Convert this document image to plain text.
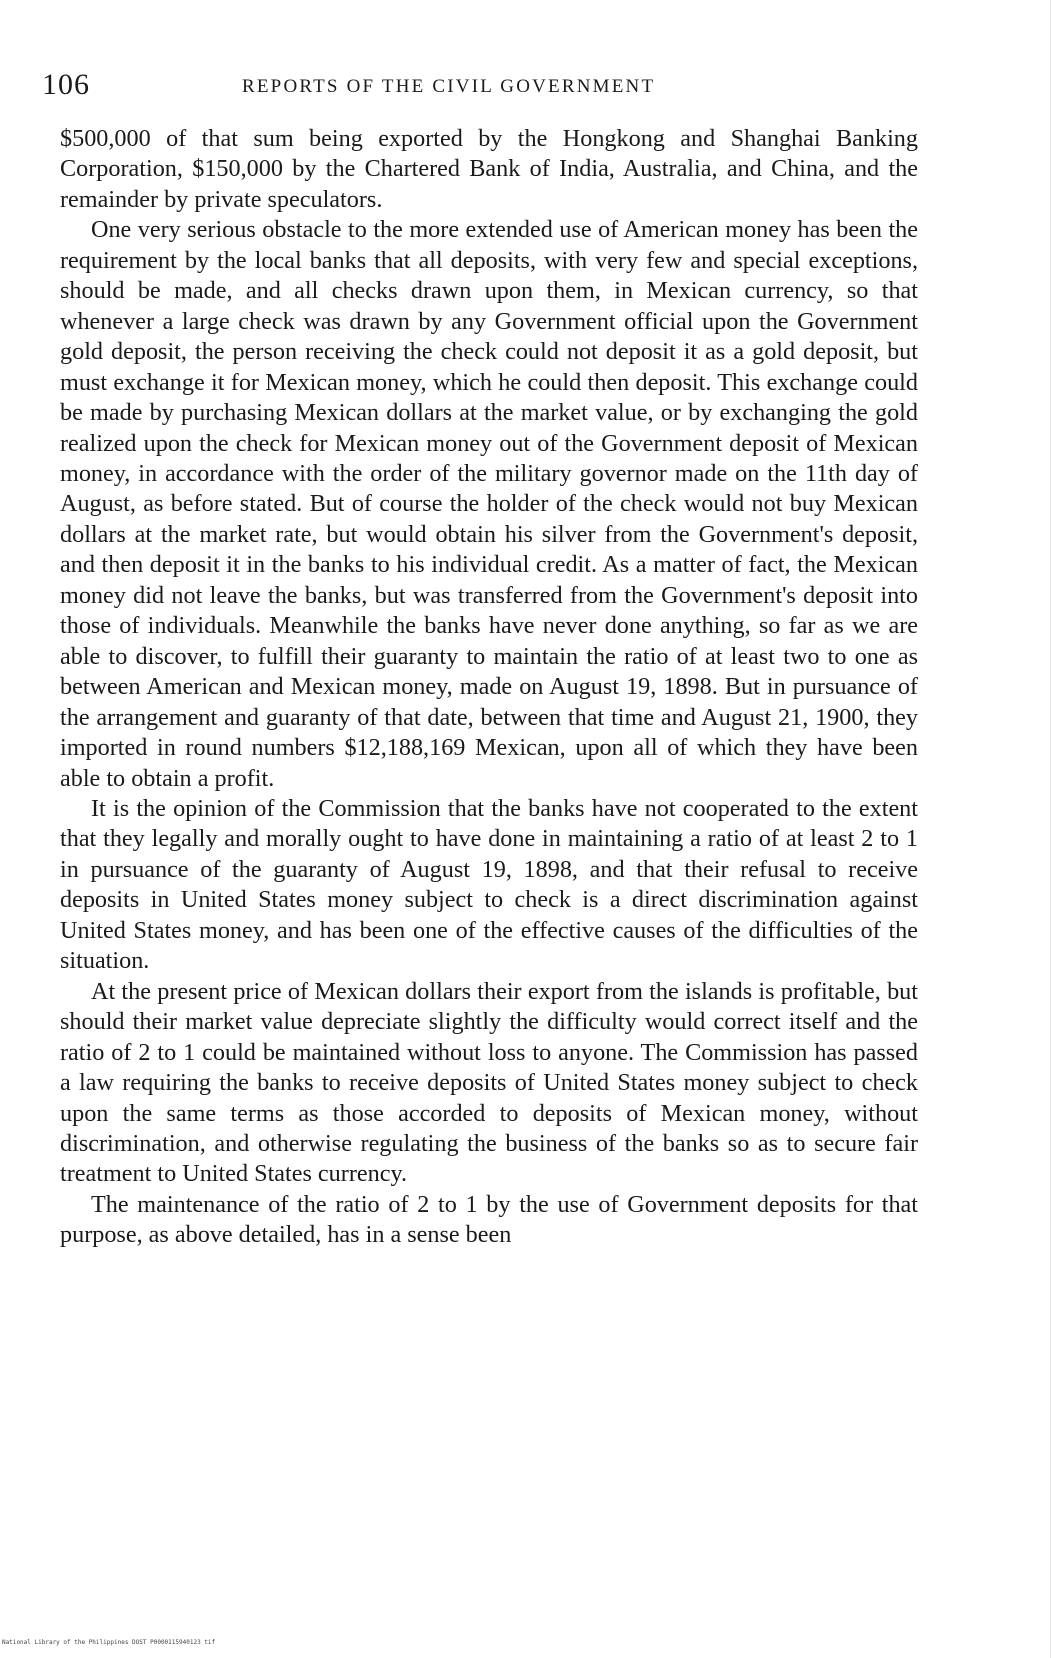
106	REPORTS OF THE CIVIL GOVERNMENT

$500,000 of that sum being exported by the Hongkong and Shanghai Banking Corporation, $150,000 by the Chartered Bank of India, Australia, and China, and the remainder by private speculators.

One very serious obstacle to the more extended use of American money has been the requirement by the local banks that all deposits, with very few and special exceptions, should be made, and all checks drawn upon them, in Mexican currency, so that whenever a large check was drawn by any Government official upon the Government gold deposit, the person receiving the check could not deposit it as a gold deposit, but must exchange it for Mexican money, which he could then deposit. This exchange could be made by purchasing Mexican dollars at the market value, or by exchanging the gold realized upon the check for Mexican money out of the Government deposit of Mexican money, in accordance with the order of the military governor made on the 11th day of August, as before stated. But of course the holder of the check would not buy Mexican dollars at the market rate, but would obtain his silver from the Government's deposit, and then deposit it in the banks to his individual credit. As a matter of fact, the Mexican money did not leave the banks, but was transferred from the Government's deposit into those of individuals. Meanwhile the banks have never done anything, so far as we are able to discover, to fulfill their guaranty to maintain the ratio of at least two to one as between American and Mexican money, made on August 19, 1898. But in pursuance of the arrangement and guaranty of that date, between that time and August 21, 1900, they imported in round numbers $12,188,169 Mexican, upon all of which they have been able to obtain a profit.

It is the opinion of the Commission that the banks have not cooperated to the extent that they legally and morally ought to have done in maintaining a ratio of at least 2 to 1 in pursuance of the guaranty of August 19, 1898, and that their refusal to receive deposits in United States money subject to check is a direct discrimination against United States money, and has been one of the effective causes of the difficulties of the situation.

At the present price of Mexican dollars their export from the islands is profitable, but should their market value depreciate slightly the difficulty would correct itself and the ratio of 2 to 1 could be maintained without loss to anyone. The Commission has passed a law requiring the banks to receive deposits of United States money subject to check upon the same terms as those accorded to deposits of Mexican money, without discrimination, and otherwise regulating the business of the banks so as to secure fair treatment to United States currency.

The maintenance of the ratio of 2 to 1 by the use of Government deposits for that purpose, as above detailed, has in a sense been

National Library of the Philippines DOST P0000115940123 tif
